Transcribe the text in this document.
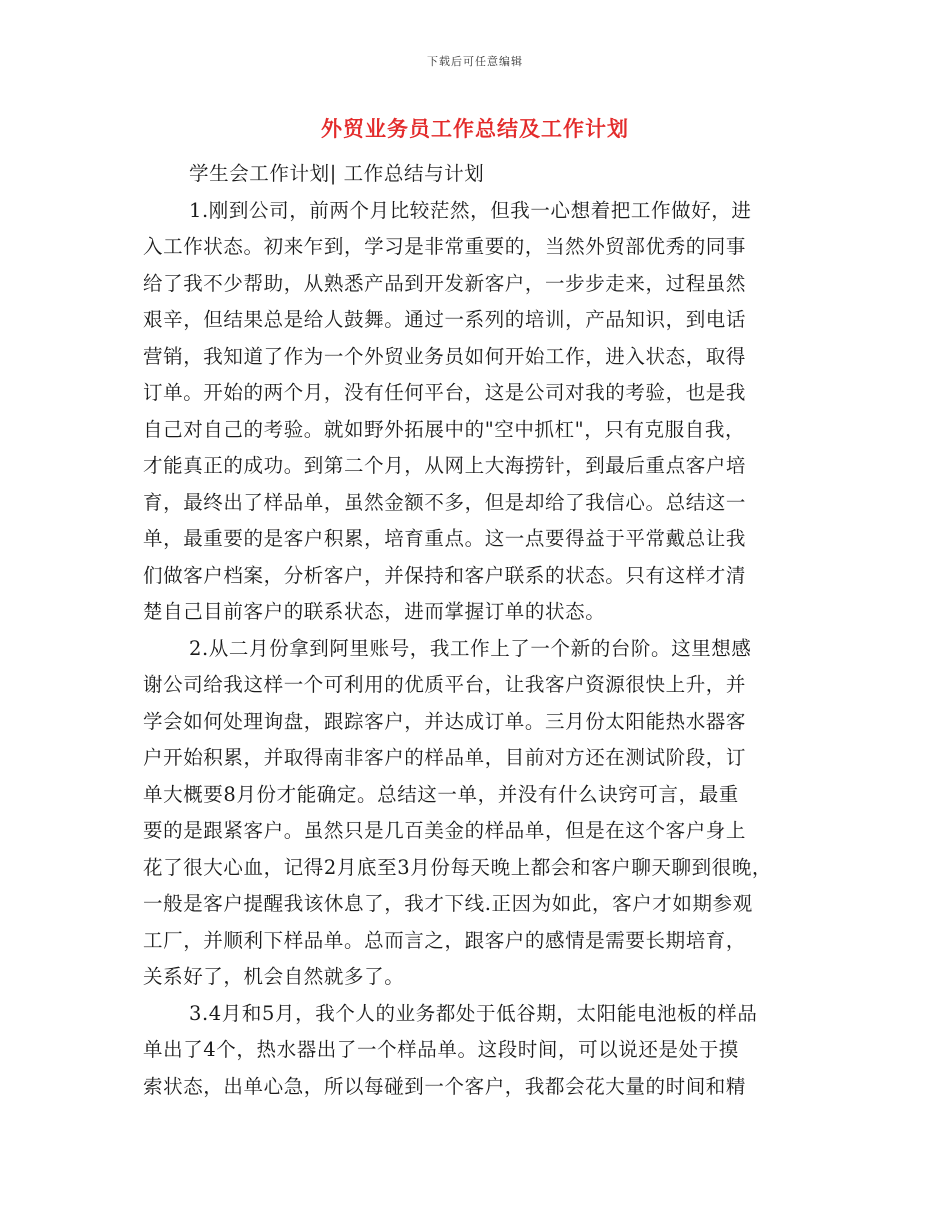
下载后可任意编辑
外贸业务员工作总结及工作计划
学生会工作计划| 工作总结与计划
1.刚到公司，前两个月比较茫然，但我一心想着把工作做好，进
入工作状态。初来乍到，学习是非常重要的，当然外贸部优秀的同事
给了我不少帮助，从熟悉产品到开发新客户，一步步走来，过程虽然
艰辛，但结果总是给人鼓舞。通过一系列的培训，产品知识，到电话
营销，我知道了作为一个外贸业务员如何开始工作，进入状态，取得
订单。开始的两个月，没有任何平台，这是公司对我的考验，也是我
自己对自己的考验。就如野外拓展中的"空中抓杠"，只有克服自我，
才能真正的成功。到第二个月，从网上大海捞针，到最后重点客户培
育，最终出了样品单，虽然金额不多，但是却给了我信心。总结这一
单，最重要的是客户积累，培育重点。这一点要得益于平常戴总让我
们做客户档案，分析客户，并保持和客户联系的状态。只有这样才清
楚自己目前客户的联系状态，进而掌握订单的状态。
2.从二月份拿到阿里账号，我工作上了一个新的台阶。这里想感
谢公司给我这样一个可利用的优质平台，让我客户资源很快上升，并
学会如何处理询盘，跟踪客户，并达成订单。三月份太阳能热水器客
户开始积累，并取得南非客户的样品单，目前对方还在测试阶段，订
单大概要8月份才能确定。总结这一单，并没有什么诀窍可言，最重
要的是跟紧客户。虽然只是几百美金的样品单，但是在这个客户身上
花了很大心血，记得2月底至3月份每天晚上都会和客户聊天聊到很晚，
一般是客户提醒我该休息了，我才下线.正因为如此，客户才如期参观
工厂，并顺利下样品单。总而言之，跟客户的感情是需要长期培育，
关系好了，机会自然就多了。
3.4月和5月，我个人的业务都处于低谷期，太阳能电池板的样品
单出了4个，热水器出了一个样品单。这段时间，可以说还是处于摸
索状态，出单心急，所以每碰到一个客户，我都会花大量的时间和精
